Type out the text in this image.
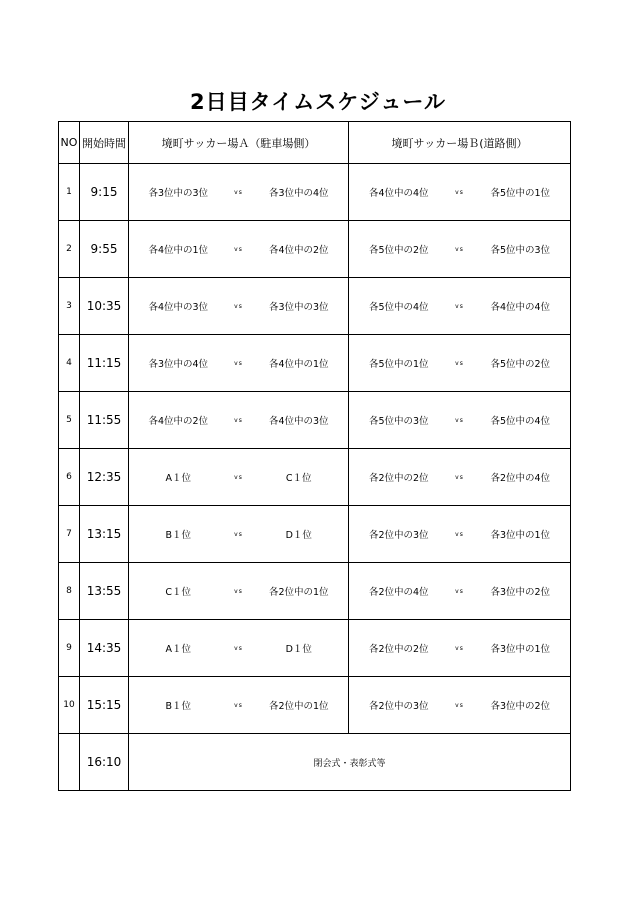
2日目タイムスケジュール
NO	開始時間	境町サッカー場Ａ（駐車場側）	境町サッカー場Ｂ(道路側）
1	9:15	各3位中の3位 vs 各3位中の4位	各4位中の4位 vs 各5位中の1位

2	9:55	各4位中の1位 vs 各4位中の2位	各5位中の2位 vs 各5位中の3位

3	10:35	各4位中の3位 vs 各3位中の3位	各5位中の4位 vs 各4位中の4位

4	11:15	各3位中の4位 vs 各4位中の1位	各5位中の1位 vs 各5位中の2位

5	11:55	各4位中の2位 vs 各4位中の3位	各5位中の3位 vs 各5位中の4位

6	12:35	A１位 vs C１位	各2位中の2位 vs 各2位中の4位

7	13:15	B１位 vs D１位	各2位中の3位 vs 各3位中の1位

8	13:55	C１位 vs 各2位中の1位	各2位中の4位 vs 各3位中の2位

9	14:35	A１位 vs D１位	各2位中の2位 vs 各3位中の1位

10	15:15	B１位 vs 各2位中の1位	各2位中の3位 vs 各3位中の2位

	16:10	閉会式・表彰式等	
